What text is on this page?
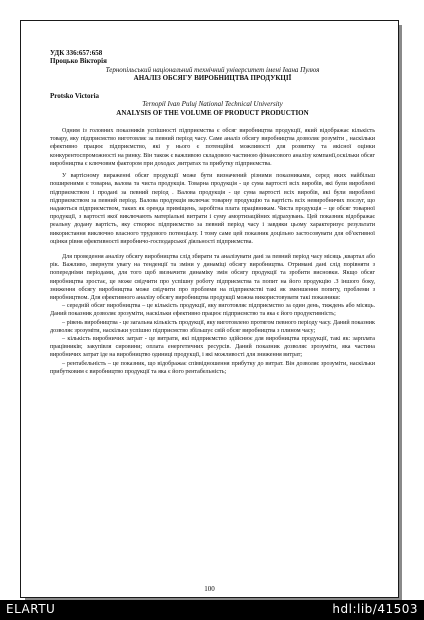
УДК 336:657:658
Процько Вікторія
Тернопільський національний технічний університет імені Івана Пулюя
АНАЛІЗ ОБСЯГУ ВИРОБНИЦТВА ПРОДУКЦІЇ
Protsko Victoria
Ternopil Ivan Puluj National Technical University
ANALYSIS OF THE VOLUME OF PRODUCT PRODUCTION

Одним із головних показників успішності підприємства є обсяг виробництва продукції, який відображає кількість товару, яку підприємство виготовляє за певний період часу. Саме аналіз обсягу виробництва дозволяє розуміти , наскільки ефективно працює підприємство, які у нього є потенційні можливості для розвитку та якісної оцінки конкурентоспроможності на ринку. Він також є важливою складовою частиною фінансового аналізу компанії,оскільки обсяг виробництва є ключовим фактором при доходах ,витратах та прибутку підприємства.

У вартісному вираженні обсяг продукції може бути визначений різними показниками, серед яких найбільш поширеними є товарна, валова та чиста продукція. Товарна продукція - це сума вартості всіх виробів, які були вироблені підприємством і продані за певний період . Валова продукція - це сума вартості всіх виробів, які були вироблені підприємством за певний період. Валова продукція включає товарну продукцію та вартість всіх невиробничих послуг, що надаються підприємством, таких як оренда приміщень, заробітна плата працівникам. Чиста продукція – це обсяг товарної продукції, з вартості якої виключають матеріальні витрати і суму амортизаційних відрахувань. Цей показник відображає реальну додану вартість, яку створює підприємство за певний період часу і завдяки цьому характеризує результати використання виключно власного трудового потенціалу. І тому саме цей показник доцільно застосовувати для об'єктивної оцінки рівня ефективності виробничо-господарської діяльності підприємства.

Для проведення аналізу обсягу виробництва слід збирати та аналізувати дані за певний період часу місяць ,квартал або рік. Важливо, звернути увагу на тенденції та зміни у динаміці обсягу виробництва. Отримані дані слід порівняти з попередніми періодами, для того щоб визначити динаміку змін обсягу продукції та зробити висновки. Якщо обсяг виробництва зростає, це може свідчити про успішну роботу підприємства та попит на його продукцію .З іншого боку, зниження обсягу виробництва може свідчити про проблеми на підприємстві такі як зменшення попиту, проблеми з виробництвом. Для ефективного аналізу обсягу виробництва продукції можна використовувати такі показники:

– середній обсяг виробництва – це кількість продукції, яку виготовляє підприємство за один день, тиждень або місяць. Даний показник дозволяє зрозуміти, наскільки ефективно працює підприємство та яка є його продуктивність;

– рівень виробництва - це загальна кількість продукції, яку виготовлено протягом певного періоду часу. Даний показник дозволяє зрозуміти, наскільки успішно підприємство збільшує свій обсяг виробництва з плином часу;

– кількість виробничих затрат - це витрати, які підприємство здійснює для виробництва продукції, такі як: зарплата працівників; закупівля сировини; оплата енергетичних ресурсів. Даний показник дозволяє зрозуміти, яка частина виробничих затрат іде на виробництво одиниці продукції, і які можливості для зниження витрат;

– рентабельність – це показник, що відображає співвідношення прибутку до витрат. Він дозволяє зрозуміти, наскільки прибутковим є виробництво продукції та яка є його рентабельність;

100
ELARTU	hdl:lib/41503
